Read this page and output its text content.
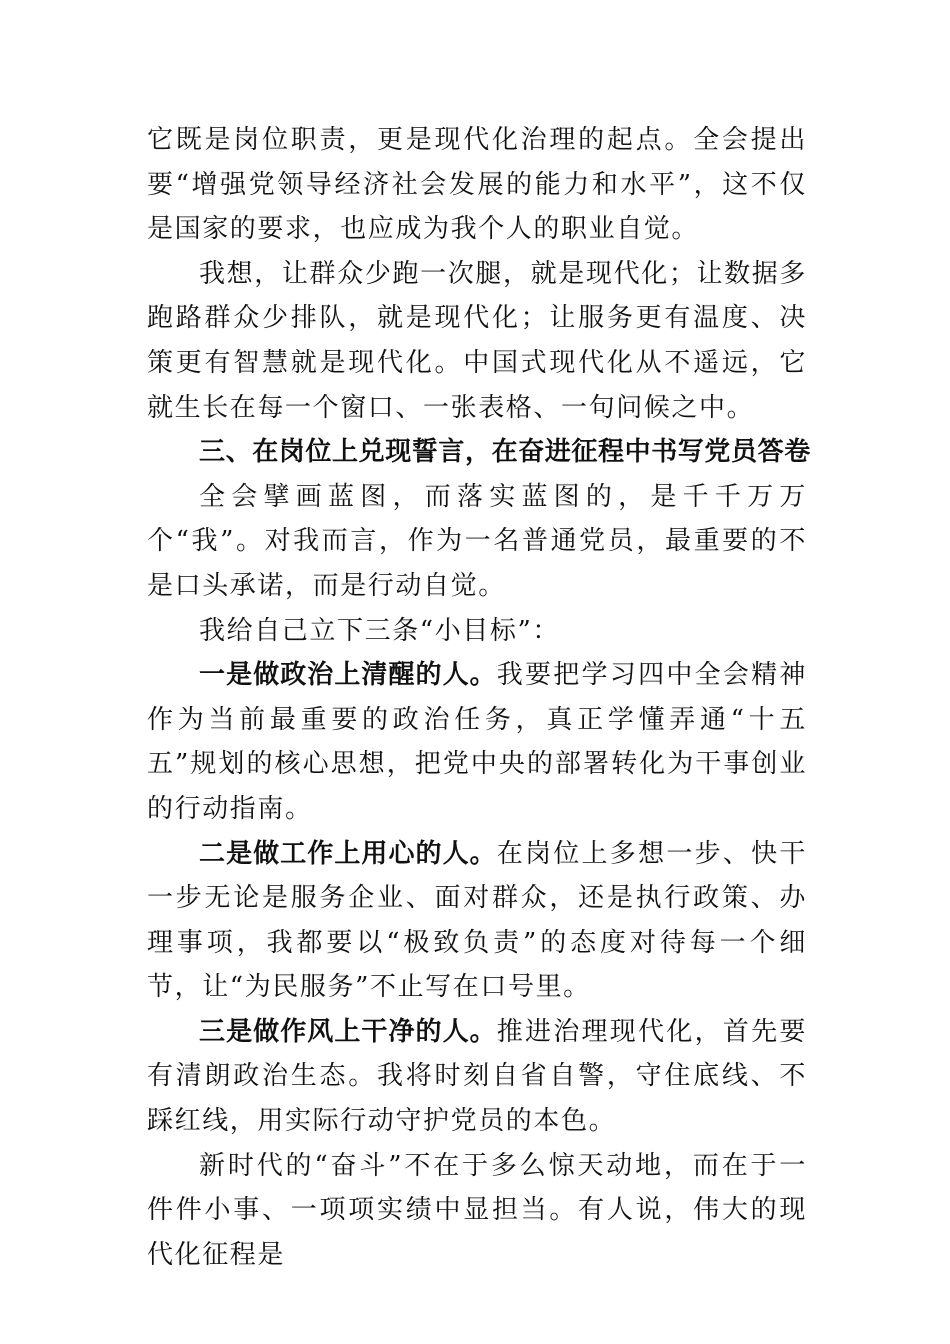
它既是岗位职责，更是现代化治理的起点。全会提出要“增强党领导经济社会发展的能力和水平”，这不仅是国家的要求，也应成为我个人的职业自觉。

我想，让群众少跑一次腿，就是现代化；让数据多跑路群众少排队，就是现代化；让服务更有温度、决策更有智慧就是现代化。中国式现代化从不遥远，它就生长在每一个窗口、一张表格、一句问候之中。

三、在岗位上兑现誓言，在奋进征程中书写党员答卷

全会擘画蓝图，而落实蓝图的，是千千万万个“我”。对我而言，作为一名普通党员，最重要的不是口头承诺，而是行动自觉。

我给自己立下三条“小目标”：

一是做政治上清醒的人。我要把学习四中全会精神作为当前最重要的政治任务，真正学懂弄通“十五五”规划的核心思想，把党中央的部署转化为干事创业的行动指南。

二是做工作上用心的人。在岗位上多想一步、快干一步无论是服务企业、面对群众，还是执行政策、办理事项，我都要以“极致负责”的态度对待每一个细节，让“为民服务”不止写在口号里。

三是做作风上干净的人。推进治理现代化，首先要有清朗政治生态。我将时刻自省自警，守住底线、不踩红线，用实际行动守护党员的本色。

新时代的“奋斗”不在于多么惊天动地，而在于一件件小事、一项项实绩中显担当。有人说，伟大的现代化征程是
